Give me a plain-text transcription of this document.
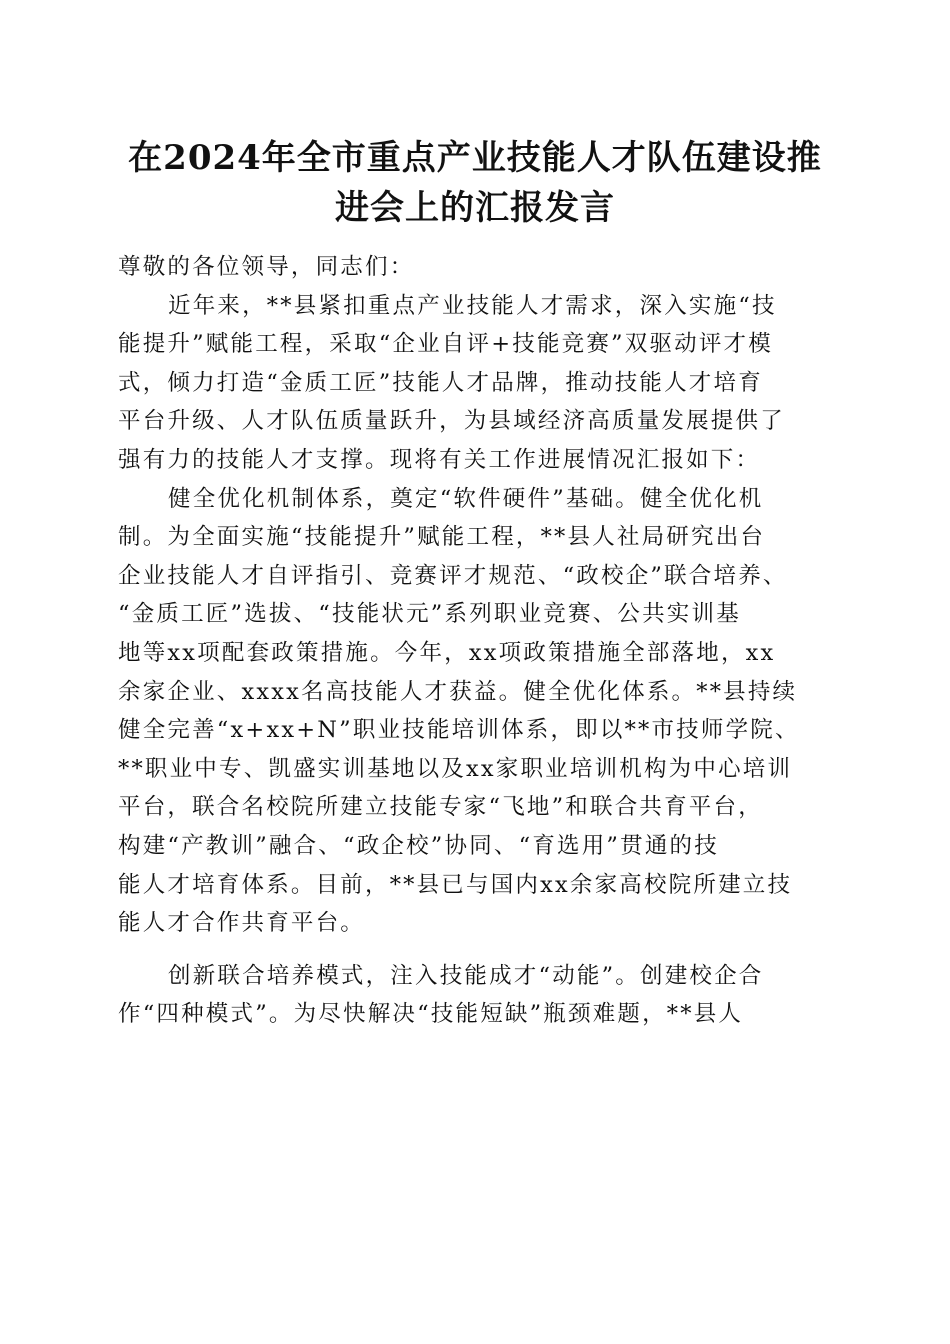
在2024年全市重点产业技能人才队伍建设推
进会上的汇报发言

尊敬的各位领导，同志们：

近年来，**县紧扣重点产业技能人才需求，深入实施“技
能提升”赋能工程，采取“企业自评+技能竞赛”双驱动评才模
式，倾力打造“金质工匠”技能人才品牌，推动技能人才培育
平台升级、人才队伍质量跃升，为县域经济高质量发展提供了
强有力的技能人才支撑。现将有关工作进展情况汇报如下：

健全优化机制体系，奠定“软件硬件”基础。健全优化机
制。为全面实施“技能提升”赋能工程，**县人社局研究出台
企业技能人才自评指引、竞赛评才规范、“政校企”联合培养、
“金质工匠”选拔、“技能状元”系列职业竞赛、公共实训基
地等xx项配套政策措施。今年，xx项政策措施全部落地，xx
余家企业、xxxx名高技能人才获益。健全优化体系。**县持续
健全完善“x+xx+N”职业技能培训体系，即以**市技师学院、
**职业中专、凯盛实训基地以及xx家职业培训机构为中心培训
平台，联合名校院所建立技能专家“飞地”和联合共育平台，
构建“产教训”融合、“政企校”协同、“育选用”贯通的技
能人才培育体系。目前，**县已与国内xx余家高校院所建立技
能人才合作共育平台。

创新联合培养模式，注入技能成才“动能”。创建校企合
作“四种模式”。为尽快解决“技能短缺”瓶颈难题，**县人
